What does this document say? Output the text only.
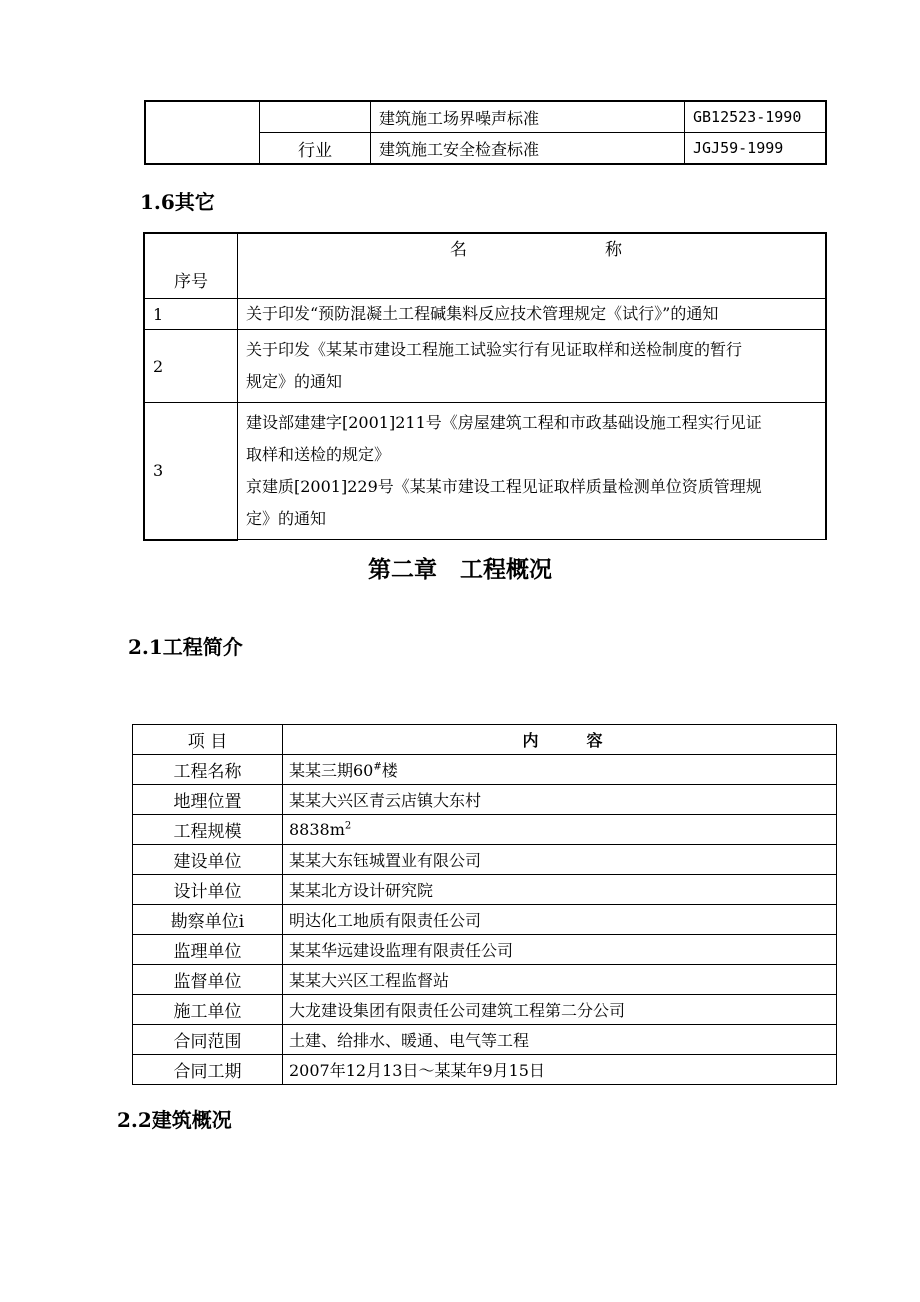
		建筑施工场界噪声标准	GB12523-1990
	行业	建筑施工安全检查标准	JGJ59-1999
1.6其它
序号	名 称

1	关于印发“预防混凝土工程碱集料反应技术管理规定《试行》”的通知

2	关于印发《某某市建设工程施工试验实行有见证取样和送检制度的暂行
规定》的通知

3	建设部建建字[2001]211号《房屋建筑工程和市政基础设施工程实行见证
取样和送检的规定》
京建质[2001]229号《某某市建设工程见证取样质量检测单位资质管理规
定》的通知
第二章　工程概况
2.1工程简介
项 目	内　　　容
工程名称	某某三期60#楼
地理位置	某某大兴区青云店镇大东村
工程规模	$8838m^2$
建设单位	某某大东钰城置业有限公司
设计单位	某某北方设计研究院
勘察单位i	明达化工地质有限责任公司
监理单位	某某华远建设监理有限责任公司
监督单位	某某大兴区工程监督站
施工单位	大龙建设集团有限责任公司建筑工程第二分公司
合同范围	土建、给排水、暖通、电气等工程
合同工期	2007年12月13日～某某年9月15日
2.2建筑概况
